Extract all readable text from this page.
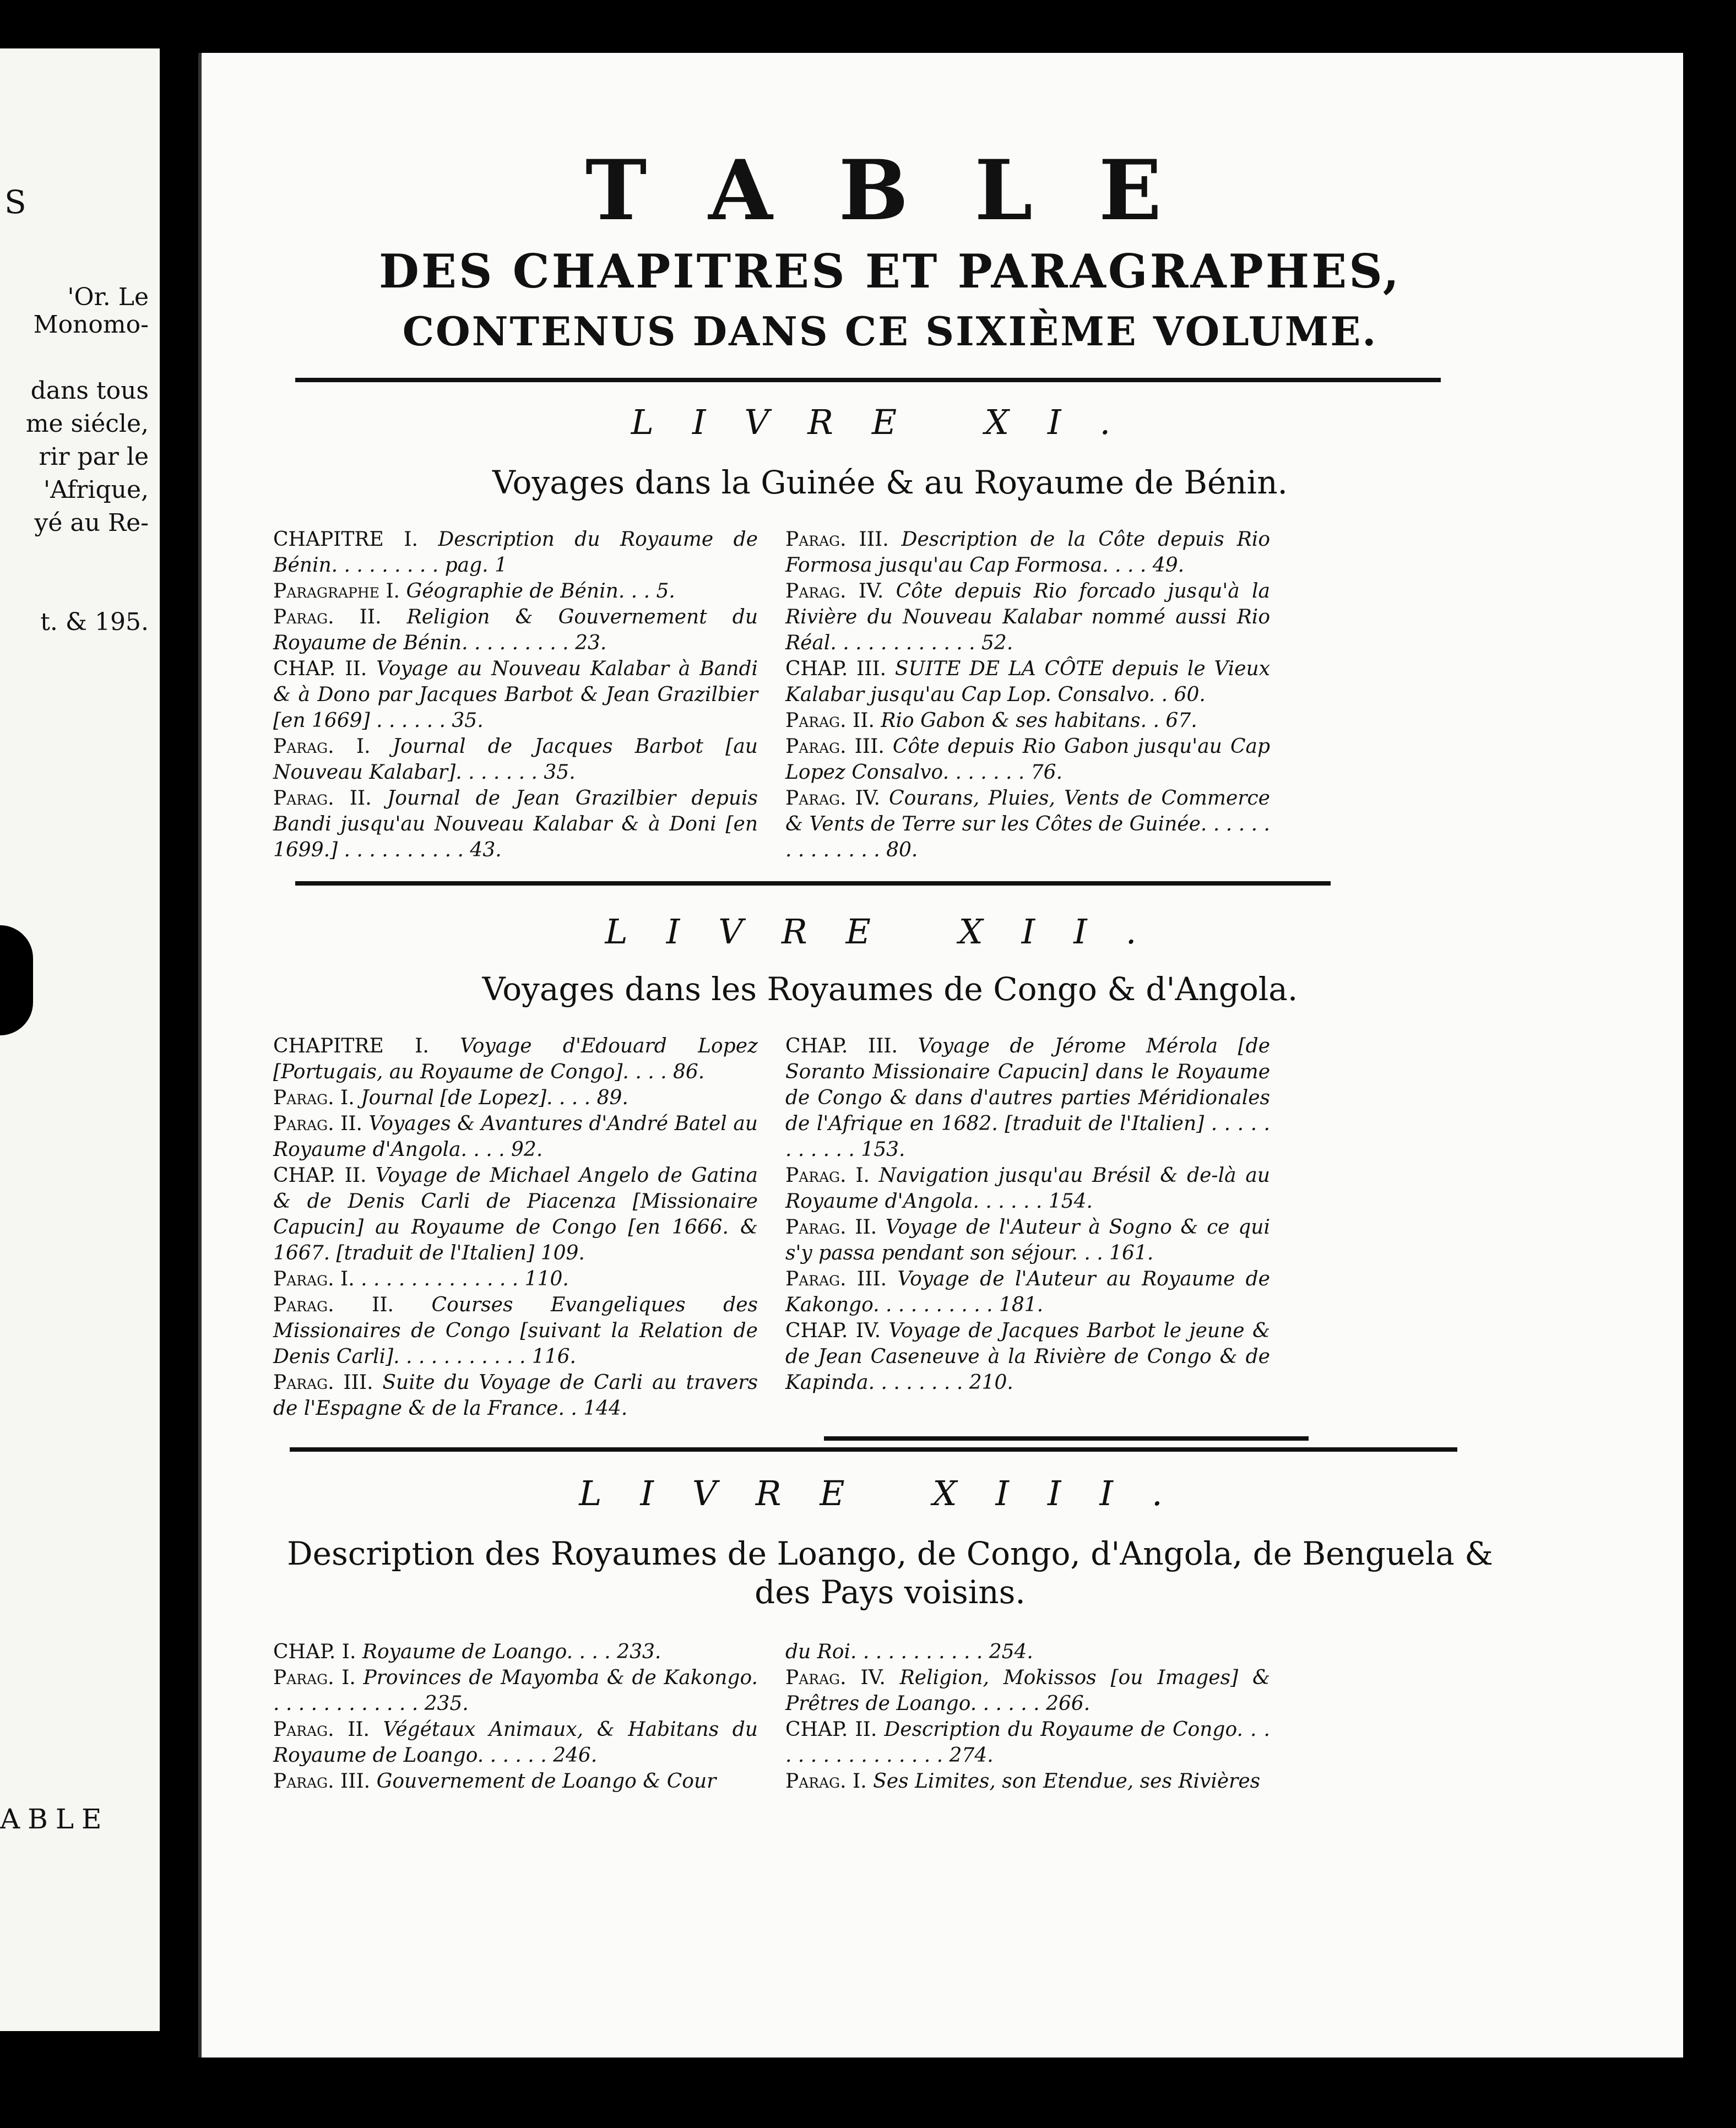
S
'Or. Le
Monomo-
dans tous
me siécle,
rir par le
'Afrique,
yé au Re-
t. & 195.
ABLE
TABLE
DES CHAPITRES ET PARAGRAPHES,
CONTENUS DANS CE SIXIÈME VOLUME.
LIVRE XI.
Voyages dans la Guinée & au Royaume de Bénin.
CHAPITRE I. Description du Royaume de Bénin. . . . . . . . . pag. 1
Paragraphe I. Géographie de Bénin. . . 5.
Parag. II. Religion & Gouvernement du Royaume de Bénin. . . . . . . . . 23.
CHAP. II. Voyage au Nouveau Kalabar à Bandi & à Dono par Jacques Barbot & Jean Grazilbier [en 1669] . . . . . . 35.
Parag. I. Journal de Jacques Barbot [au Nouveau Kalabar]. . . . . . . 35.
Parag. II. Journal de Jean Grazilbier depuis Bandi jusqu'au Nouveau Kalabar & à Doni [en 1699.] . . . . . . . . . . 43.
Parag. III. Description de la Côte depuis Rio Formosa jusqu'au Cap Formosa. . . . 49.
Parag. IV. Côte depuis Rio forcado jusqu'à la Rivière du Nouveau Kalabar nommé aussi Rio Réal. . . . . . . . . . . . 52.
CHAP. III. SUITE DE LA CÔTE depuis le Vieux Kalabar jusqu'au Cap Lop. Consalvo. . 60.
Parag. II. Rio Gabon & ses habitans. . 67.
Parag. III. Côte depuis Rio Gabon jusqu'au Cap Lopez Consalvo. . . . . . . 76.
Parag. IV. Courans, Pluies, Vents de Commerce & Vents de Terre sur les Côtes de Guinée. . . . . . . . . . . . . . 80.
LIVRE XII.
Voyages dans les Royaumes de Congo & d'Angola.
CHAPITRE I. Voyage d'Edouard Lopez [Portugais, au Royaume de Congo]. . . . 86.
Parag. I. Journal [de Lopez]. . . . 89.
Parag. II. Voyages & Avantures d'André Batel au Royaume d'Angola. . . . 92.
CHAP. II. Voyage de Michael Angelo de Gatina & de Denis Carli de Piacenza [Missionaire Capucin] au Royaume de Congo [en 1666. & 1667. [traduit de l'Italien] 109.
Parag. I. . . . . . . . . . . . . . 110.
Parag. II. Courses Evangeliques des Missionaires de Congo [suivant la Relation de Denis Carli]. . . . . . . . . . . 116.
Parag. III. Suite du Voyage de Carli au travers de l'Espagne & de la France. . 144.
CHAP. III. Voyage de Jérome Mérola [de Soranto Missionaire Capucin] dans le Royaume de Congo & dans d'autres parties Méridionales de l'Afrique en 1682. [traduit de l'Italien] . . . . . . . . . . . 153.
Parag. I. Navigation jusqu'au Brésil & de-là au Royaume d'Angola. . . . . . 154.
Parag. II. Voyage de l'Auteur à Sogno & ce qui s'y passa pendant son séjour. . . 161.
Parag. III. Voyage de l'Auteur au Royaume de Kakongo. . . . . . . . . . 181.
CHAP. IV. Voyage de Jacques Barbot le jeune & de Jean Caseneuve à la Rivière de Congo & de Kapinda. . . . . . . . 210.
LIVRE XIII.
Description des Royaumes de Loango, de Congo, d'Angola, de Benguela & des Pays voisins.
CHAP. I. Royaume de Loango. . . . 233.
Parag. I. Provinces de Mayomba & de Kakongo. . . . . . . . . . . . . 235.
Parag. II. Végétaux Animaux, & Habitans du Royaume de Loango. . . . . . 246.
Parag. III. Gouvernement de Loango & Cour
du Roi. . . . . . . . . . . 254.
Parag. IV. Religion, Mokissos [ou Images] & Prêtres de Loango. . . . . . 266.
CHAP. II. Description du Royaume de Congo. . . . . . . . . . . . . . . . 274.
Parag. I. Ses Limites, son Etendue, ses Rivières
